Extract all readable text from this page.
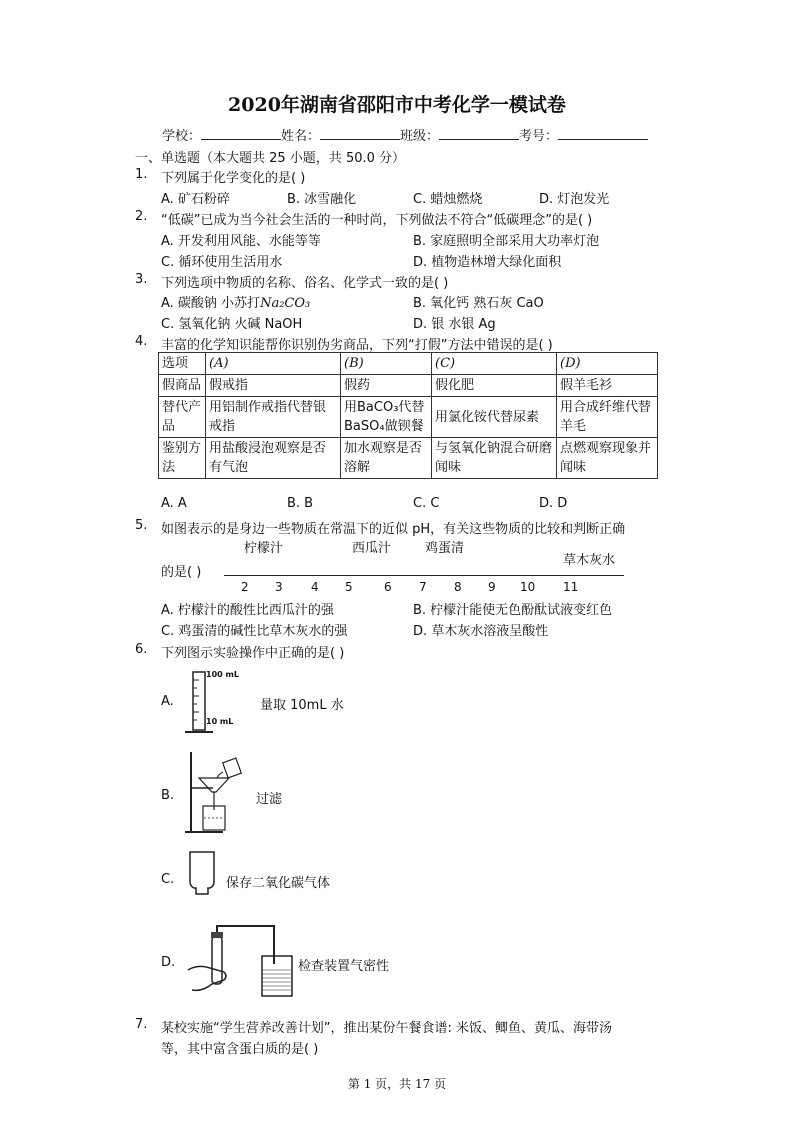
2020年湖南省邵阳市中考化学一模试卷
学校：	姓名：	班级：	考号：
一、单选题（本大题共 25 小题，共 50.0 分）
1. 下列属于化学变化的是( )
A. 矿石粉碎	B. 冰雪融化	C. 蜡烛燃烧	D. 灯泡发光
2. “低碳”已成为当今社会生活的一种时尚，下列做法不符合“低碳理念”的是( )
A. 开发利用风能、水能等等	B. 家庭照明全部采用大功率灯泡
C. 循环使用生活用水	D. 植物造林增大绿化面积
3. 下列选项中物质的名称、俗名、化学式一致的是( )
A. 碳酸钠 小苏打Na₂CO₃	B. 氧化钙 熟石灰 CaO
C. 氢氧化钠 火碱 NaOH	D. 银 水银 Ag
4. 丰富的化学知识能帮你识别伪劣商品，下列“打假”方法中错误的是( )
选项	(A)	(B)	(C)	(D)
假商品	假戒指	假药	假化肥	假羊毛衫
替代产品	用铝制作戒指代替银戒指	用BaCO₃代替BaSO₄做钡餐	用氯化铵代替尿素	用合成纤维代替羊毛
鉴别方法	用盐酸浸泡观察是否有气泡	加水观察是否溶解	与氢氧化钠混合研磨闻味	点燃观察现象并闻味
A. A	B. B	C. C	D. D
5. 如图表示的是身边一些物质在常温下的近似 pH，有关这些物质的比较和判断正确
的是( )
柠檬汁	西瓜汁	鸡蛋清
草木灰水
2 3 4 5	6 7 8 9 10 11
A. 柠檬汁的酸性比西瓜汁的强	B. 柠檬汁能使无色酚酞试液变红色
C. 鸡蛋清的碱性比草木灰水的强	D. 草木灰水溶液呈酸性
6. 下列图示实验操作中正确的是( )
A.
100 mL
10 mL
量取 10mL 水
B.	过滤
C.	保存二氧化碳气体
D.	检查装置气密性
7. 某校实施“学生营养改善计划”，推出某份午餐食谱: 米饭、鲫鱼、黄瓜、海带汤
等，其中富含蛋白质的是( )
第 1 页，共 17 页
